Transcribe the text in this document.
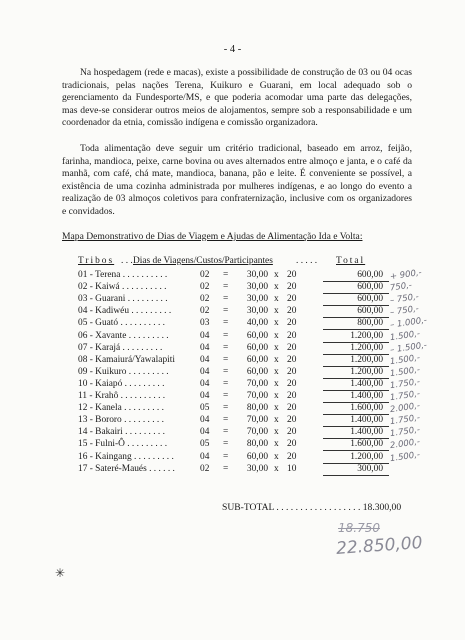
- 4 -

Na hospedagem (rede e macas), existe a possibilidade de construção de 03 ou 04 ocas tradicionais, pelas nações Terena, Kuikuro e Guarani, em local adequado sob o gerenciamento da Fundesporte/MS, e que poderia acomodar uma parte das delegações, mas deve-se considerar outros meios de alojamentos, sempre sob a responsabilidade e um coordenador da etnia, comissão indígena e comissão organizadora.

Toda alimentação deve seguir um critério tradicional, baseado em arroz, feijão, farinha, mandioca, peixe, carne bovina ou aves alternados entre almoço e janta, e o café da manhã, com café, chá mate, mandioca, banana, pão e leite. É conveniente se possível, a existência de uma cozinha administrada por mulheres indígenas, e ao longo do evento a realização de 03 almoços coletivos para confraternização, inclusive com os organizadores e convidados.

Mapa Demonstrativo de Dias de Viagem e Ajudas de Alimentação Ida e Volta:

Tribos . . . Dias de Viagens/Custos/Participantes . . . . . Total
01 - Terena . . . . . . . . . .	02 =	30,00 x 20	600,00 + 900,-
02 - Kaiwá . . . . . . . . . .	02 =	30,00 x 20	600,00 750,-
03 - Guarani . . . . . . . . .	02 =	30,00 x 20	600,00 – 750,-
04 - Kadiwéu . . . . . . . . .	02 =	30,00 x 20	600,00 – 750,-
05 - Guató . . . . . . . . . .	03 =	40,00 x 20	800,00 – 1.000,-
06 - Xavante . . . . . . . . .	04 =	60,00 x 20	1.200,00 1.500,-
07 - Karajá . . . . . . . . .	04 =	60,00 x 20	1.200,00 – 1.500,-
08 - Kamaiurá/Yawalapiti	04 =	60,00 x 20	1.200,00 1.500,-
09 - Kuikuro . . . . . . . . .	04 =	60,00 x 20	1.200,00 1.500,-
10 - Kaiapó . . . . . . . . .	04 =	70,00 x 20	1.400,00 1.750,-
11 - Krahô . . . . . . . . . .	04 =	70,00 x 20	1.400,00 1.750,-
12 - Kanela . . . . . . . . .	05 =	80,00 x 20	1.600,00 2.000,-
13 - Bororo . . . . . . . . .	04 =	70,00 x 20	1.400,00 1.750,-
14 - Bakairi . . . . . . . . .	04 =	70,00 x 20	1.400,00 1.750,-
15 - Fulni-Ô . . . . . . . . .	05 =	80,00 x 20	1.600,00 2.000,-
16 - Kaingang . . . . . . . . .	04 =	60,00 x 20	1.200,00 1.500,-
17 - Sateré-Maués . . . . . .	02 =	30,00 x 10	300,00
SUB-TOTAL . . . . . . . . . . . . . . . . . . 18.300,00
18.750
22.850,00
✳
